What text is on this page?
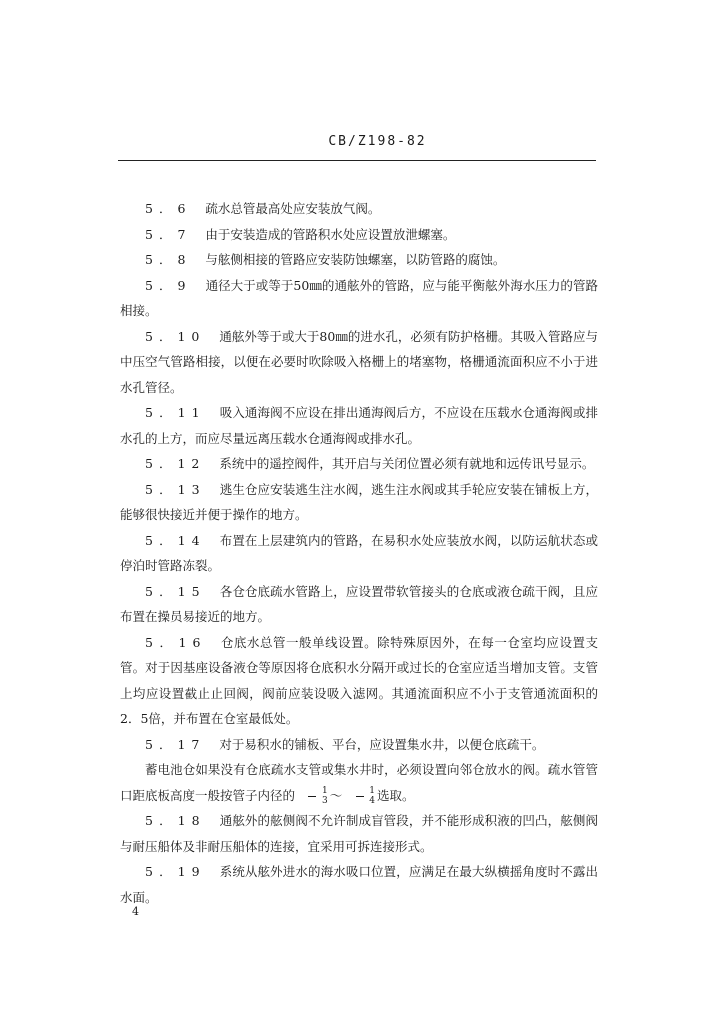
CB/Z198-82

5．6 疏水总管最高处应安装放气阀。

5．7 由于安装造成的管路积水处应设置放泄螺塞。

5．8 与舷侧相接的管路应安装防蚀螺塞，以防管路的腐蚀。

5．9 通径大于或等于50㎜的通舷外的管路，应与能平衡舷外海水压力的管路相接。

5．10 通舷外等于或大于80㎜的进水孔，必须有防护格栅。其吸入管路应与中压空气管路相接，以便在必要时吹除吸入格栅上的堵塞物，格栅通流面积应不小于进水孔管径。

5．11 吸入通海阀不应设在排出通海阀后方，不应设在压载水仓通海阀或排水孔的上方，而应尽量远离压载水仓通海阀或排水孔。

5．12 系统中的遥控阀件，其开启与关闭位置必须有就地和远传讯号显示。

5．13 逃生仓应安装逃生注水阀，逃生注水阀或其手轮应安装在铺板上方，能够很快接近并便于操作的地方。

5．14 布置在上层建筑内的管路，在易积水处应装放水阀，以防运航状态或停泊时管路冻裂。

5．15 各仓仓底疏水管路上，应设置带软管接头的仓底或液仓疏干阀，且应布置在操员易接近的地方。

5．16 仓底水总管一般单线设置。除特殊原因外，在每一仓室均应设置支管。对于因基座设备液仓等原因将仓底积水分隔开或过长的仓室应适当增加支管。支管上均应设置截止止回阀，阀前应装设吸入滤网。其通流面积应不小于支管通流面积的2．5倍，并布置在仓室最低处。

5．17 对于易积水的铺板、平台，应设置集水井，以便仓底疏干。

蓄电池仓如果没有仓底疏水支管或集水井时，必须设置向邻仓放水的阀。疏水管管口距底板高度一般按管子内径的 $\frac{1}{3}$ ～ $\frac{1}{4}$ 选取。

5．18 通舷外的舷侧阀不允许制成盲管段，并不能形成积液的凹凸，舷侧阀与耐压船体及非耐压船体的连接，宜采用可拆连接形式。

5．19 系统从舷外进水的海水吸口位置，应满足在最大纵横摇角度时不露出水面。

4
